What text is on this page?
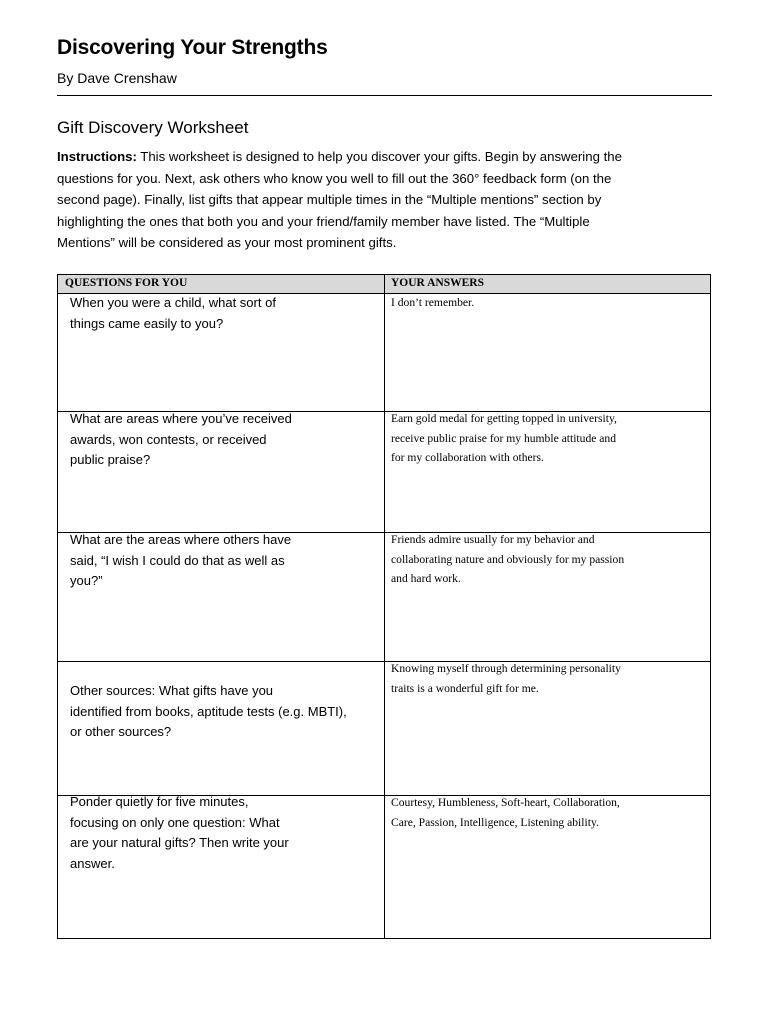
Discovering Your Strengths
By Dave Crenshaw
Gift Discovery Worksheet
Instructions: This worksheet is designed to help you discover your gifts. Begin by answering the
questions for you. Next, ask others who know you well to fill out the 360° feedback form (on the
second page). Finally, list gifts that appear multiple times in the “Multiple mentions” section by
highlighting the ones that both you and your friend/family member have listed. The “Multiple
Mentions” will be considered as your most prominent gifts.
QUESTIONS FOR YOU	YOUR ANSWERS
When you were a child, what sort of
things came easily to you?
I don’t remember.
What are areas where you’ve received
awards, won contests, or received
public praise?
Earn gold medal for getting topped in university,
receive public praise for my humble attitude and
for my collaboration with others.
What are the areas where others have
said, “I wish I could do that as well as
you?”
Friends admire usually for my behavior and
collaborating nature and obviously for my passion
and hard work.
Other sources: What gifts have you
identified from books, aptitude tests (e.g. MBTI),
or other sources?
Knowing myself through determining personality
traits is a wonderful gift for me.
Ponder quietly for five minutes,
focusing on only one question: What
are your natural gifts? Then write your
answer.
Courtesy, Humbleness, Soft-heart, Collaboration,
Care, Passion, Intelligence, Listening ability.
